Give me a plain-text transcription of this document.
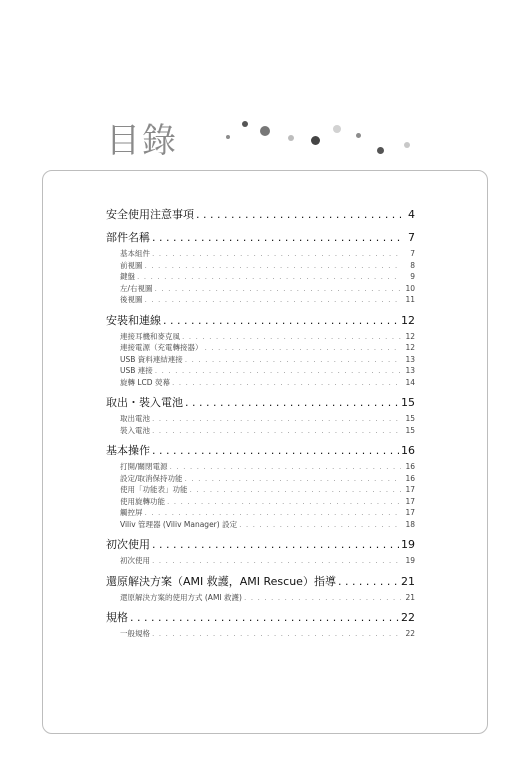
目錄
安全使用注意事項 . . .	4
部件名稱 . . .	7
基本組件 . . .	7
前視圖 . . .	8
鍵盤 . . .	9
左/右視圖 . . .	10
後視圖 . . .	11
安裝和連線 . . .	12
連接耳機和麥克風 . . .	12
連接電源（充電轉接器） . . .	12
USB 資料連結連接 . . .	13
USB 連接 . . .	13
旋轉 LCD 熒幕 . . .	14
取出・裝入電池 . . .	15
取出電池 . . .	15
裝入電池 . . .	15
基本操作 . . .	16
打開/關閉電源 . . .	16
設定/取消保持功能 . . .	16
使用「功能表」功能 . . .	17
使用旋轉功能 . . .	17
觸控屏 . . .	17
Viliv 管理器 (Viliv Manager) 設定 . . .	18
初次使用 . . .	19
初次使用 . . .	19
還原解決方案（AMI 救護，AMI Rescue）指導 . . .	21
還原解決方案的使用方式 (AMI 救護) . . .	21
規格 . . .	22
一般規格 . . .	22
